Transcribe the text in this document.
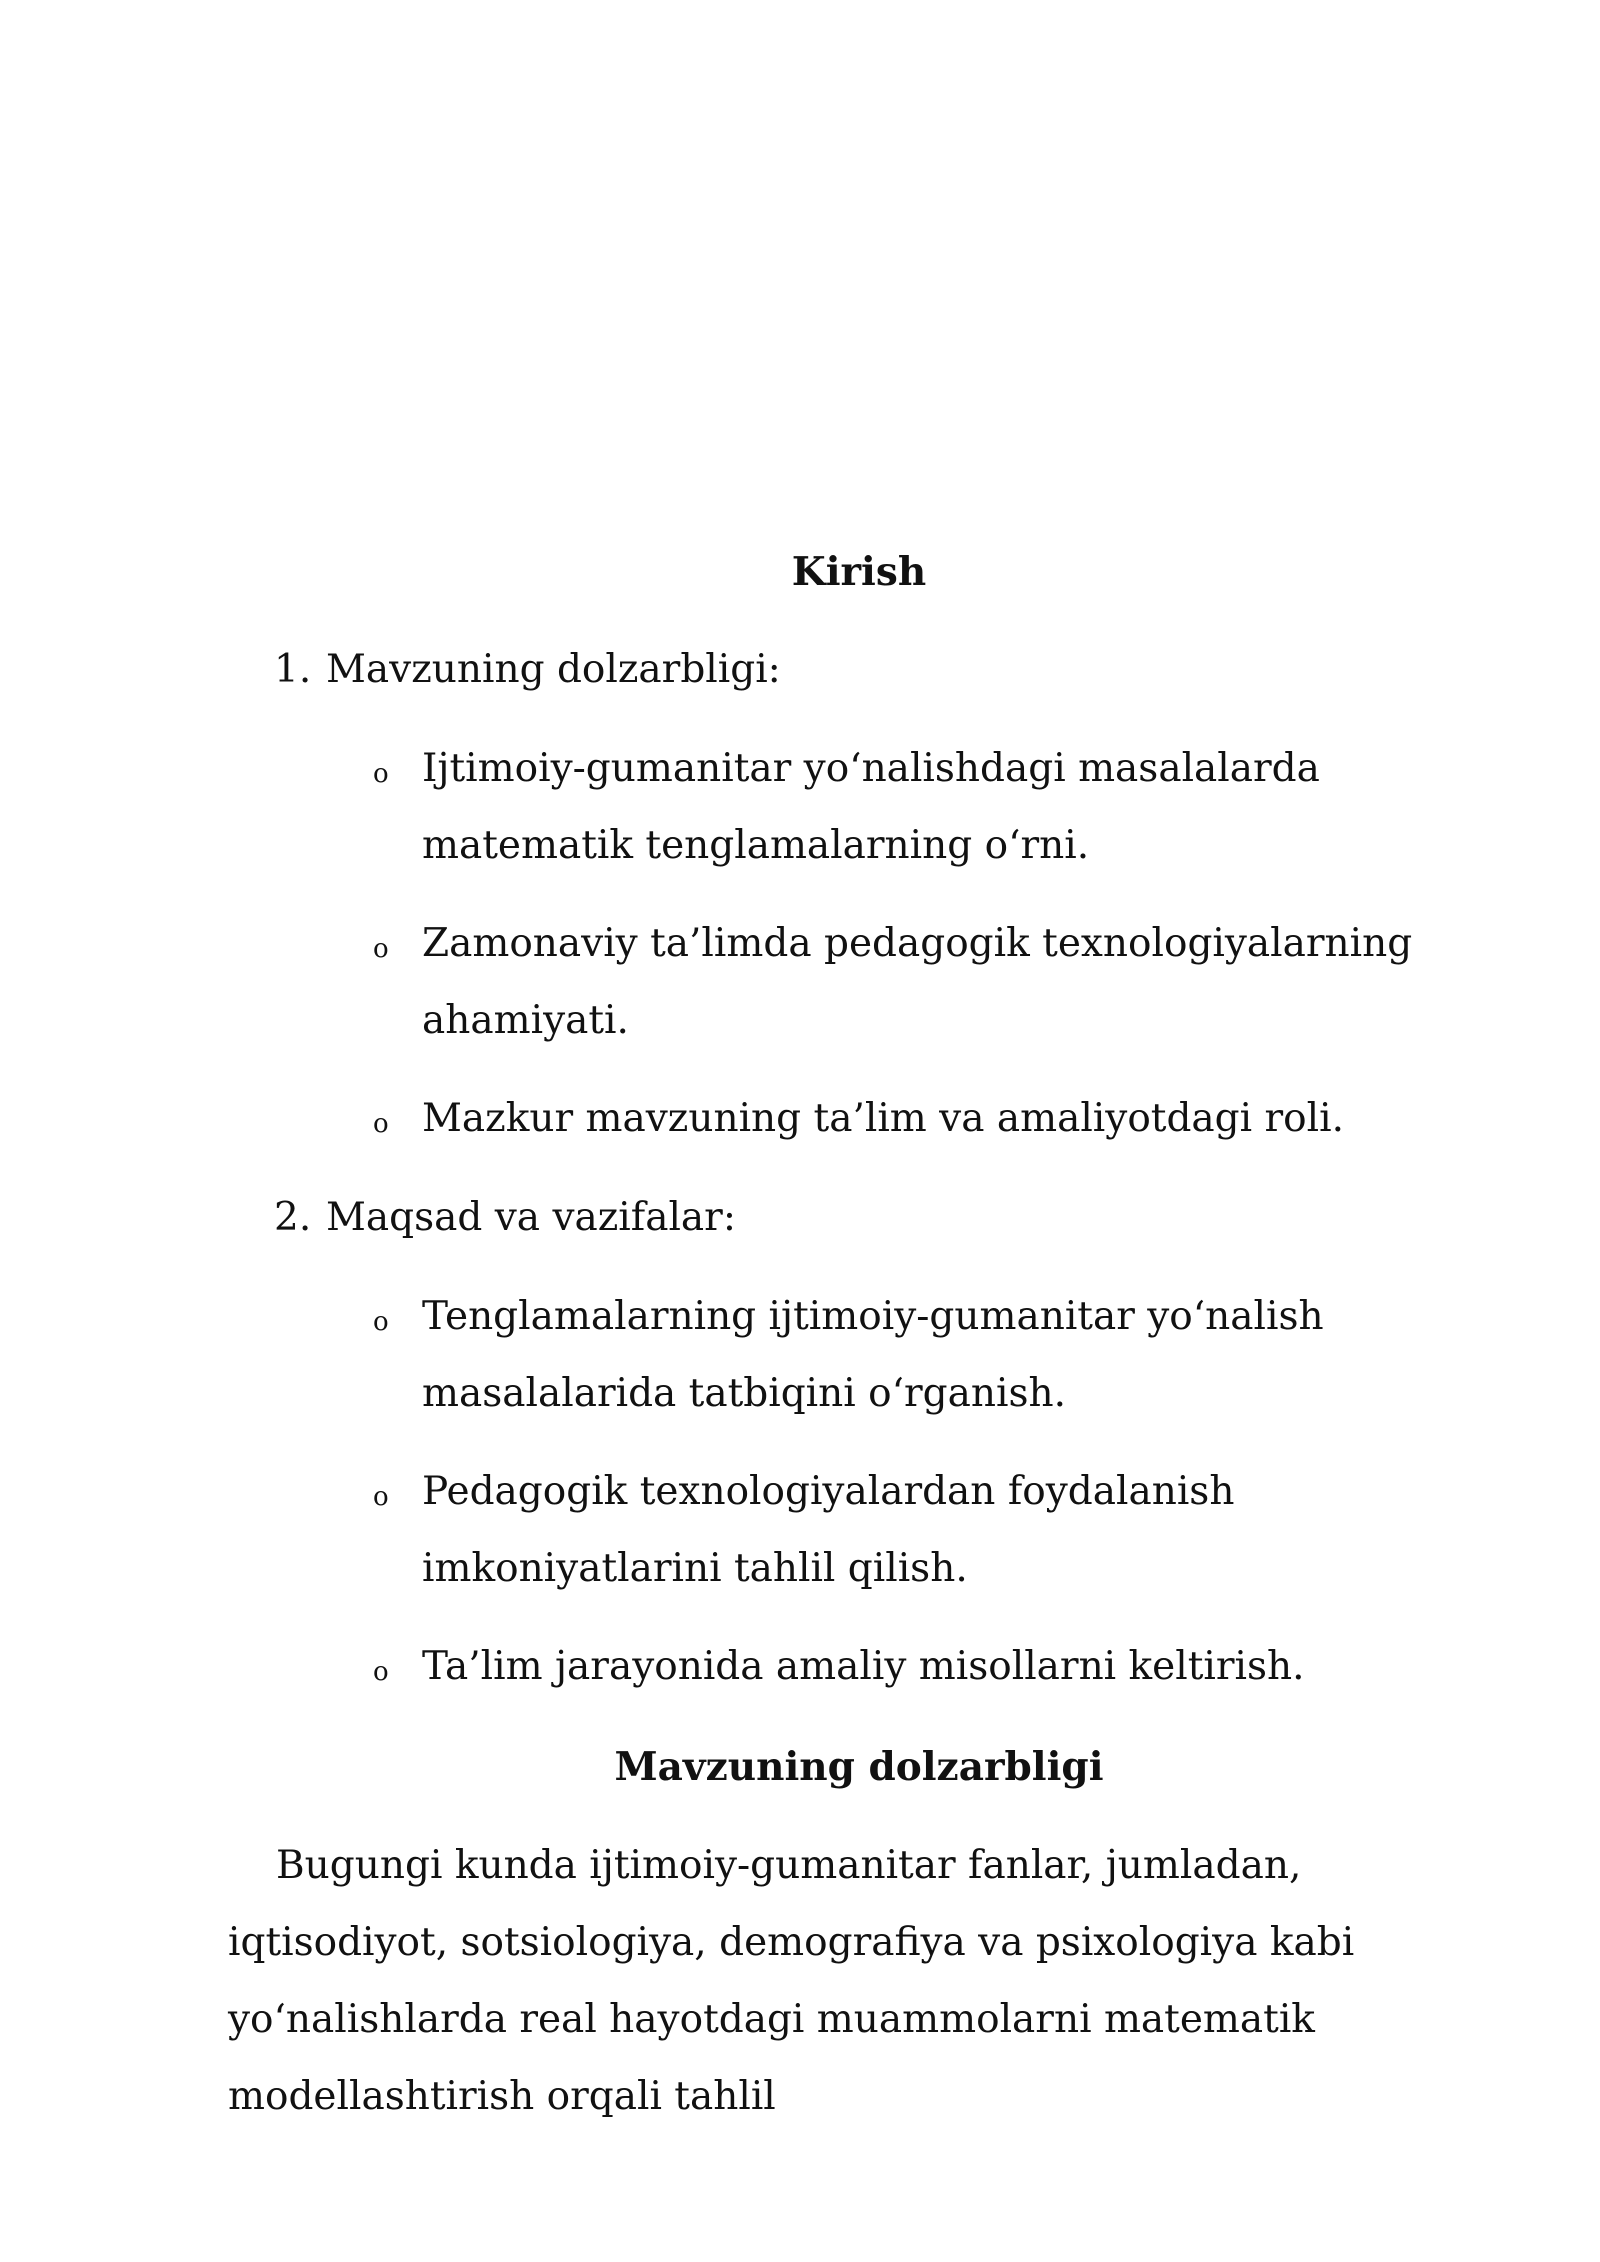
Kirish
1. Mavzuning dolzarbligi:
o Ijtimoiy-gumanitar yo‘nalishdagi masalalarda matematik tenglamalarning o‘rni.
o Zamonaviy ta’limda pedagogik texnologiyalarning ahamiyati.
o Mazkur mavzuning ta’lim va amaliyotdagi roli.
2. Maqsad va vazifalar:
o Tenglamalarning ijtimoiy-gumanitar yo‘nalish masalalarida tatbiqini o‘rganish.
o Pedagogik texnologiyalardan foydalanish imkoniyatlarini tahlil qilish.
o Ta’lim jarayonida amaliy misollarni keltirish.
Mavzuning dolzarbligi

Bugungi kunda ijtimoiy-gumanitar fanlar, jumladan, iqtisodiyot, sotsiologiya, demografiya va psixologiya kabi yo‘nalishlarda real hayotdagi muammolarni matematik modellashtirish orqali tahlil
